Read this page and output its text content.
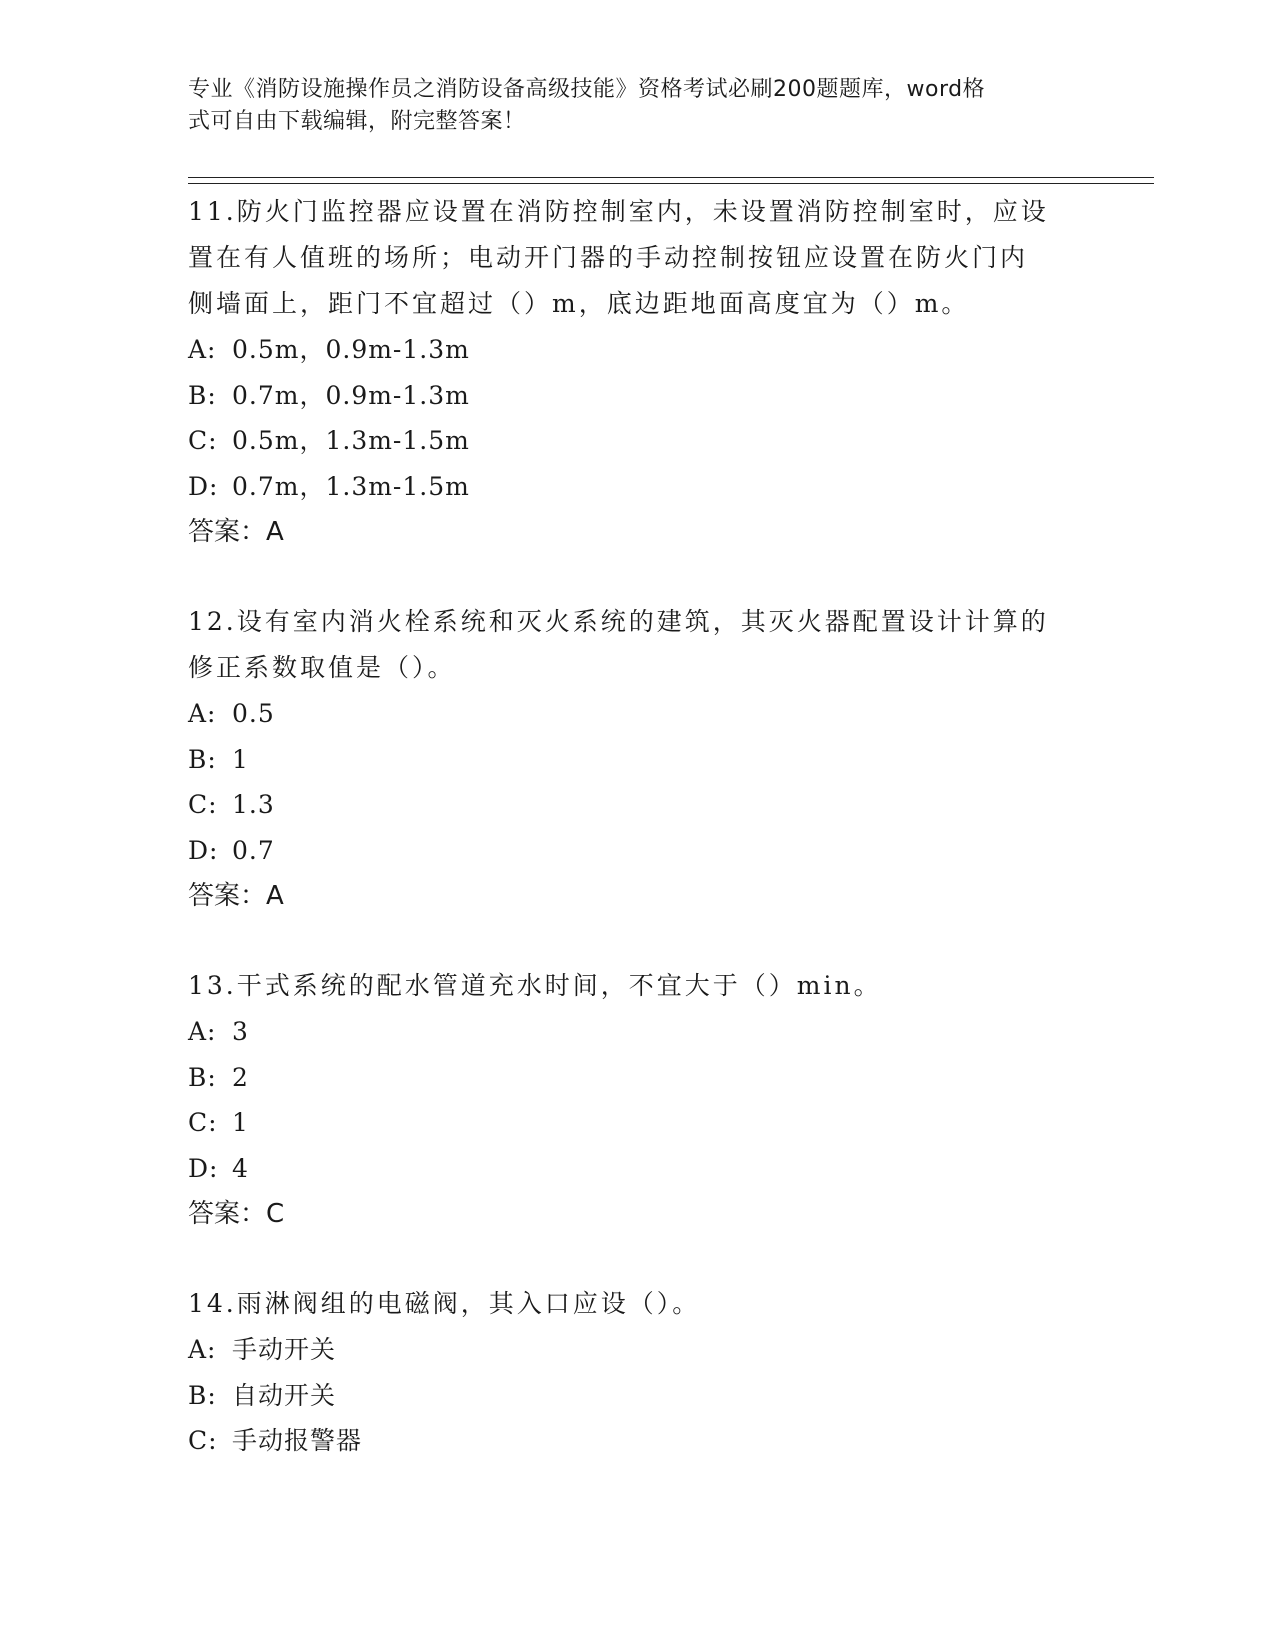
专业《消防设施操作员之消防设备高级技能》资格考试必刷200题题库，word格
式可自由下载编辑，附完整答案！

11.防火门监控器应设置在消防控制室内，未设置消防控制室时，应设

置在有人值班的场所；电动开门器的手动控制按钮应设置在防火门内

侧墙面上，距门不宜超过（）m，底边距地面高度宜为（）m。

A: 0.5m，0.9m-1.3m

B: 0.7m，0.9m-1.3m

C: 0.5m，1.3m-1.5m

D: 0.7m，1.3m-1.5m

答案：A

12.设有室内消火栓系统和灭火系统的建筑，其灭火器配置设计计算的

修正系数取值是（）。

A: 0.5

B: 1

C: 1.3

D: 0.7

答案：A

13.干式系统的配水管道充水时间，不宜大于（）min。

A: 3

B: 2

C: 1

D: 4

答案：C

14.雨淋阀组的电磁阀，其入口应设（）。

A: 手动开关

B: 自动开关

C: 手动报警器
